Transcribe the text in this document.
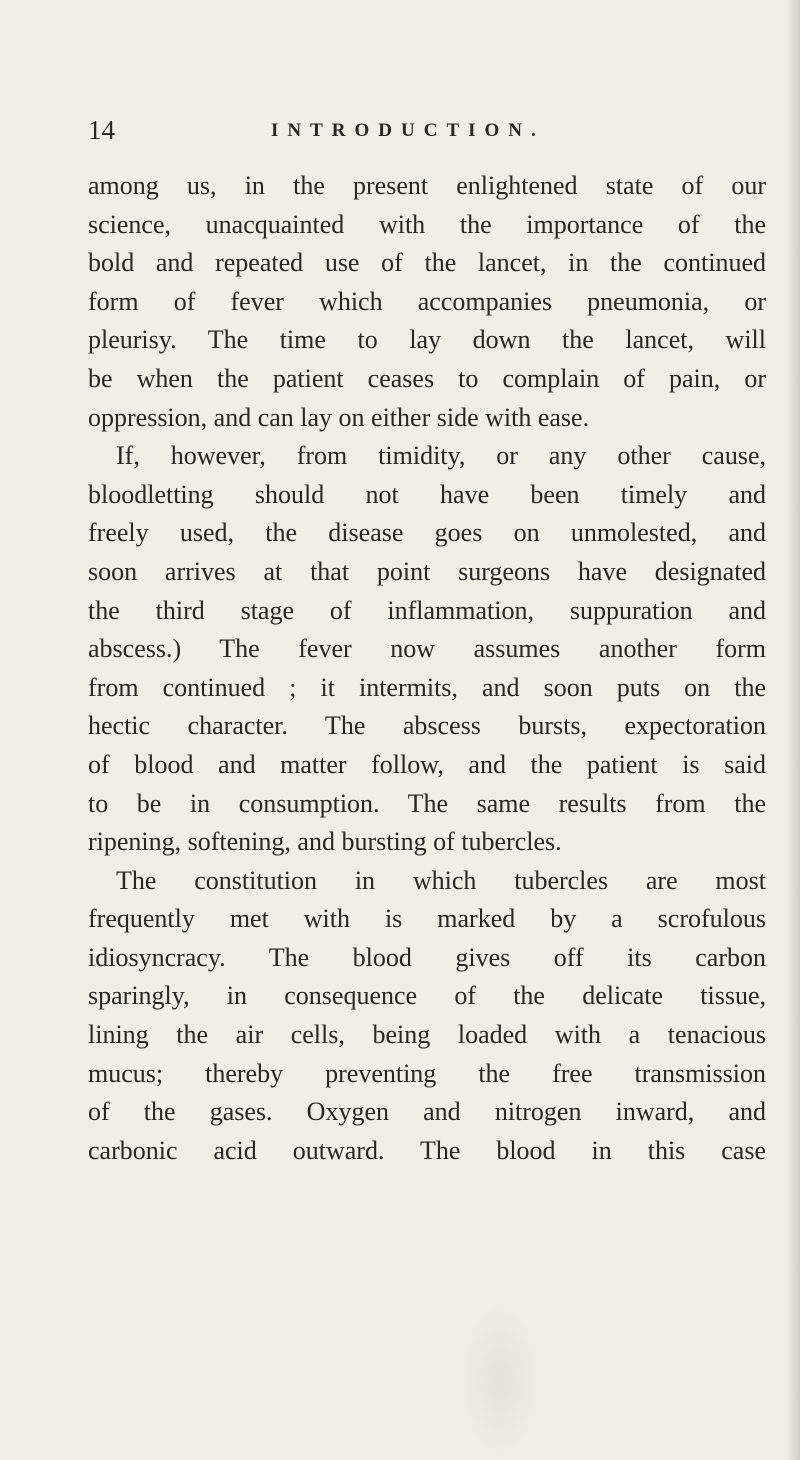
14	INTRODUCTION.
among us, in the present enlightened state of our
science, unacquainted with the importance of the
bold and repeated use of the lancet, in the continued
form of fever which accompanies pneumonia, or
pleurisy. The time to lay down the lancet, will
be when the patient ceases to complain of pain, or
oppression, and can lay on either side with ease.
If, however, from timidity, or any other cause,
bloodletting should not have been timely and
freely used, the disease goes on unmolested, and
soon arrives at that point surgeons have designated
the third stage of inflammation, suppuration and
abscess.) The fever now assumes another form
from continued ; it intermits, and soon puts on the
hectic character. The abscess bursts, expectoration
of blood and matter follow, and the patient is said
to be in consumption. The same results from the
ripening, softening, and bursting of tubercles.
The constitution in which tubercles are most
frequently met with is marked by a scrofulous
idiosyncracy. The blood gives off its carbon
sparingly, in consequence of the delicate tissue,
lining the air cells, being loaded with a tenacious
mucus; thereby preventing the free transmission
of the gases. Oxygen and nitrogen inward, and
carbonic acid outward. The blood in this case
